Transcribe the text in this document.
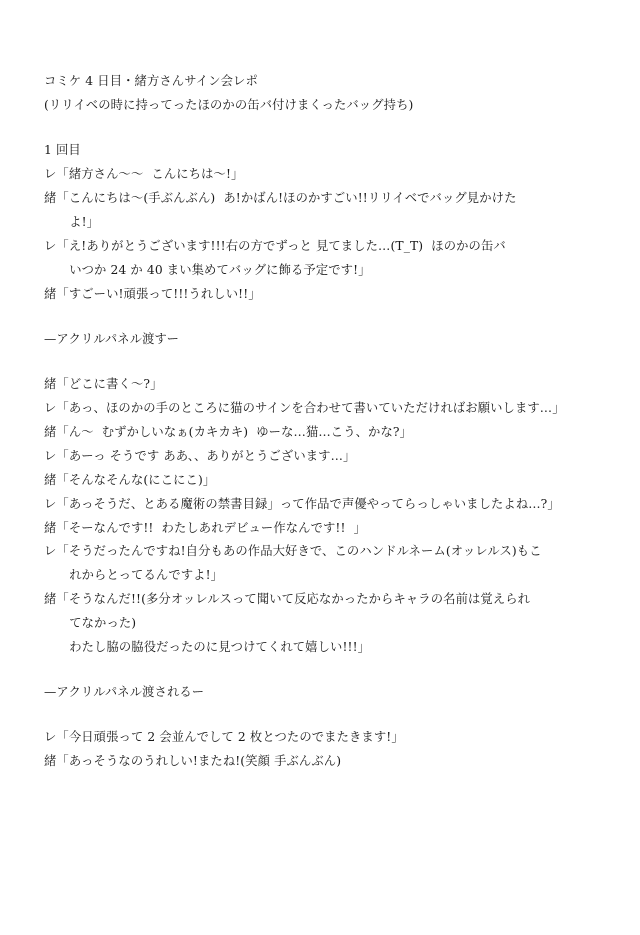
コミケ 4 日目・緒方さんサイン会レポ
(リリイベの時に持ってったほのかの缶バ付けまくったバッグ持ち)
1 回目
レ「緒方さん〜〜  こんにちは〜!」
緒「こんにちは〜(手ぶんぶん)  あ!かばん!ほのかすごい!!リリイベでバッグ見かけた
よ!」
レ「え!ありがとうございます!!!右の方でずっと 見てました…(T_T)  ほのかの缶バ
いつか 24 か 40 まい集めてバッグに飾る予定です!」
緒「すごーい!頑張って!!!うれしい!!」
—アクリルパネル渡すー
緒「どこに書く〜?」
レ「あっ、ほのかの手のところに猫のサインを合わせて書いていただければお願いします…」
緒「ん〜  むずかしいなぁ(カキカキ)  ゆーな…猫…こう、かな?」
レ「あーっ そうです ああ、、ありがとうございます…」
緒「そんなそんな(にこにこ)」
レ「あっそうだ、とある魔術の禁書目録」って作品で声優やってらっしゃいましたよね…?」
緒「そーなんです!!  わたしあれデビュー作なんです!!  」
レ「そうだったんですね!自分もあの作品大好きで、このハンドルネーム(オッレルス)もこ
れからとってるんですよ!」
緒「そうなんだ!!(多分オッレルスって聞いて反応なかったからキャラの名前は覚えられ
てなかった)
わたし脇の脇役だったのに見つけてくれて嬉しい!!!」
—アクリルパネル渡されるー
レ「今日頑張って 2 会並んでして 2 枚とつたのでまたきます!」
緒「あっそうなのうれしい!またね!(笑顔 手ぶんぶん)
